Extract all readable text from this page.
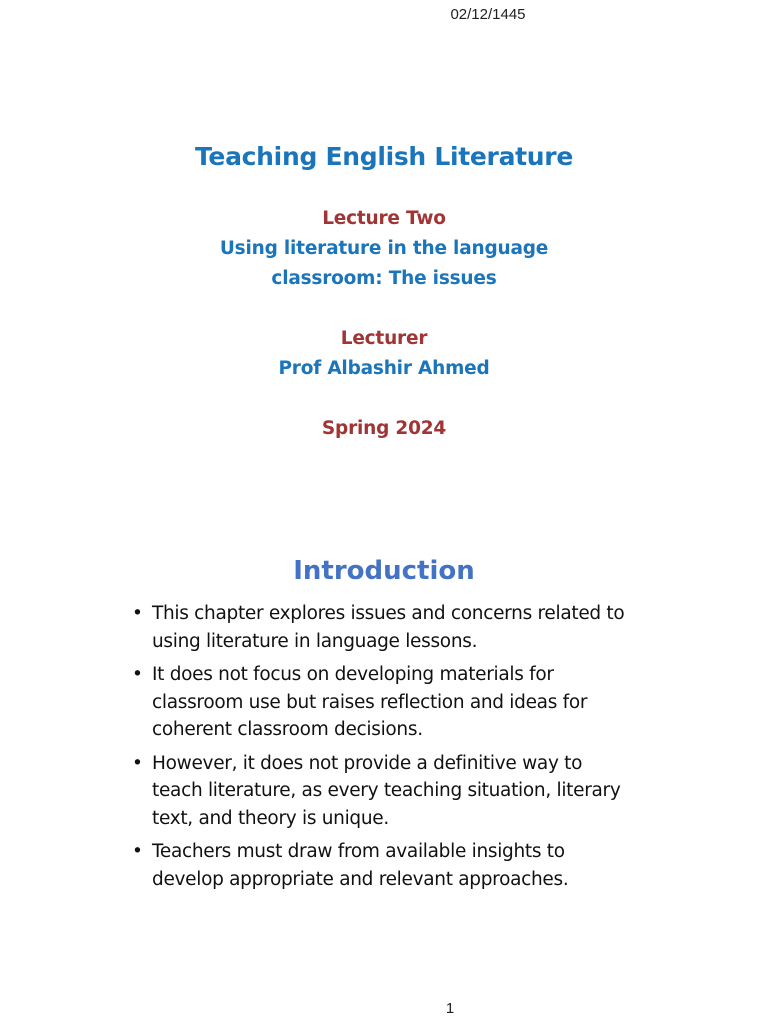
02/12/1445
Teaching English Literature
Lecture Two
Using literature in the language
classroom: The issues
Lecturer
Prof Albashir Ahmed
Spring 2024
Introduction
• This chapter explores issues and concerns related to using literature in language lessons.
• It does not focus on developing materials for classroom use but raises reflection and ideas for coherent classroom decisions.
• However, it does not provide a definitive way to teach literature, as every teaching situation, literary text, and theory is unique.
• Teachers must draw from available insights to develop appropriate and relevant approaches.
1
